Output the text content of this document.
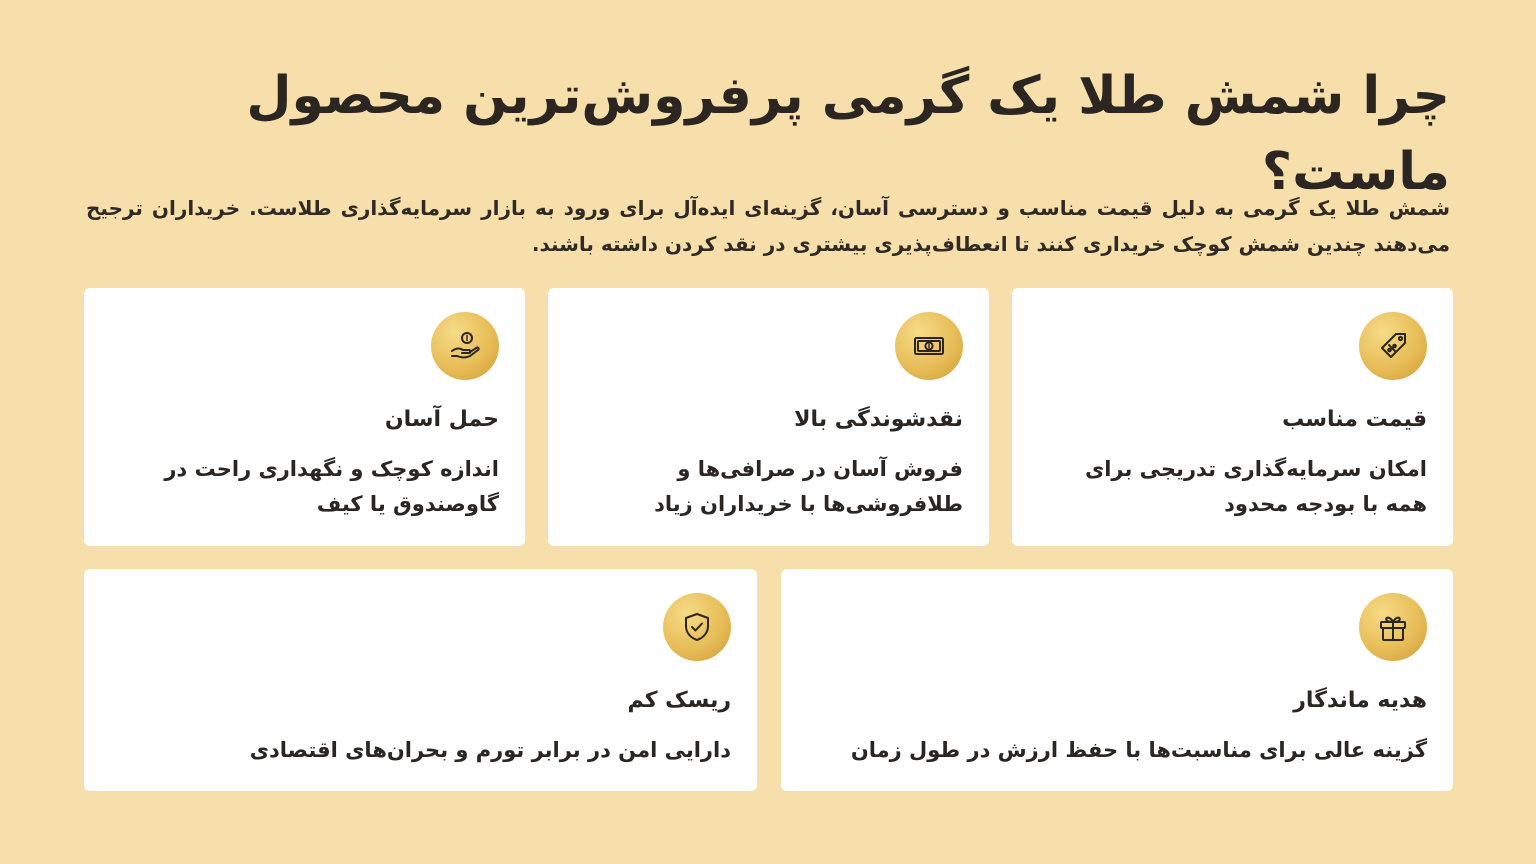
چرا شمش طلا یک گرمی پرفروش‌ترین محصول ماست؟

شمش طلا یک گرمی به دلیل قیمت مناسب و دسترسی آسان، گزینه‌ای ایده‌آل برای ورود به بازار سرمایه‌گذاری طلاست. خریداران ترجیح می‌دهند چندین شمش کوچک خریداری کنند تا انعطاف‌پذیری بیشتری در نقد کردن داشته باشند.

قیمت مناسب
امکان سرمایه‌گذاری تدریجی برای همه با بودجه محدود
نقدشوندگی بالا
فروش آسان در صرافی‌ها و طلافروشی‌ها با خریداران زیاد
حمل آسان
اندازه کوچک و نگهداری راحت در گاوصندوق یا کیف
هدیه ماندگار
گزینه عالی برای مناسبت‌ها با حفظ ارزش در طول زمان
ریسک کم
دارایی امن در برابر تورم و بحران‌های اقتصادی
